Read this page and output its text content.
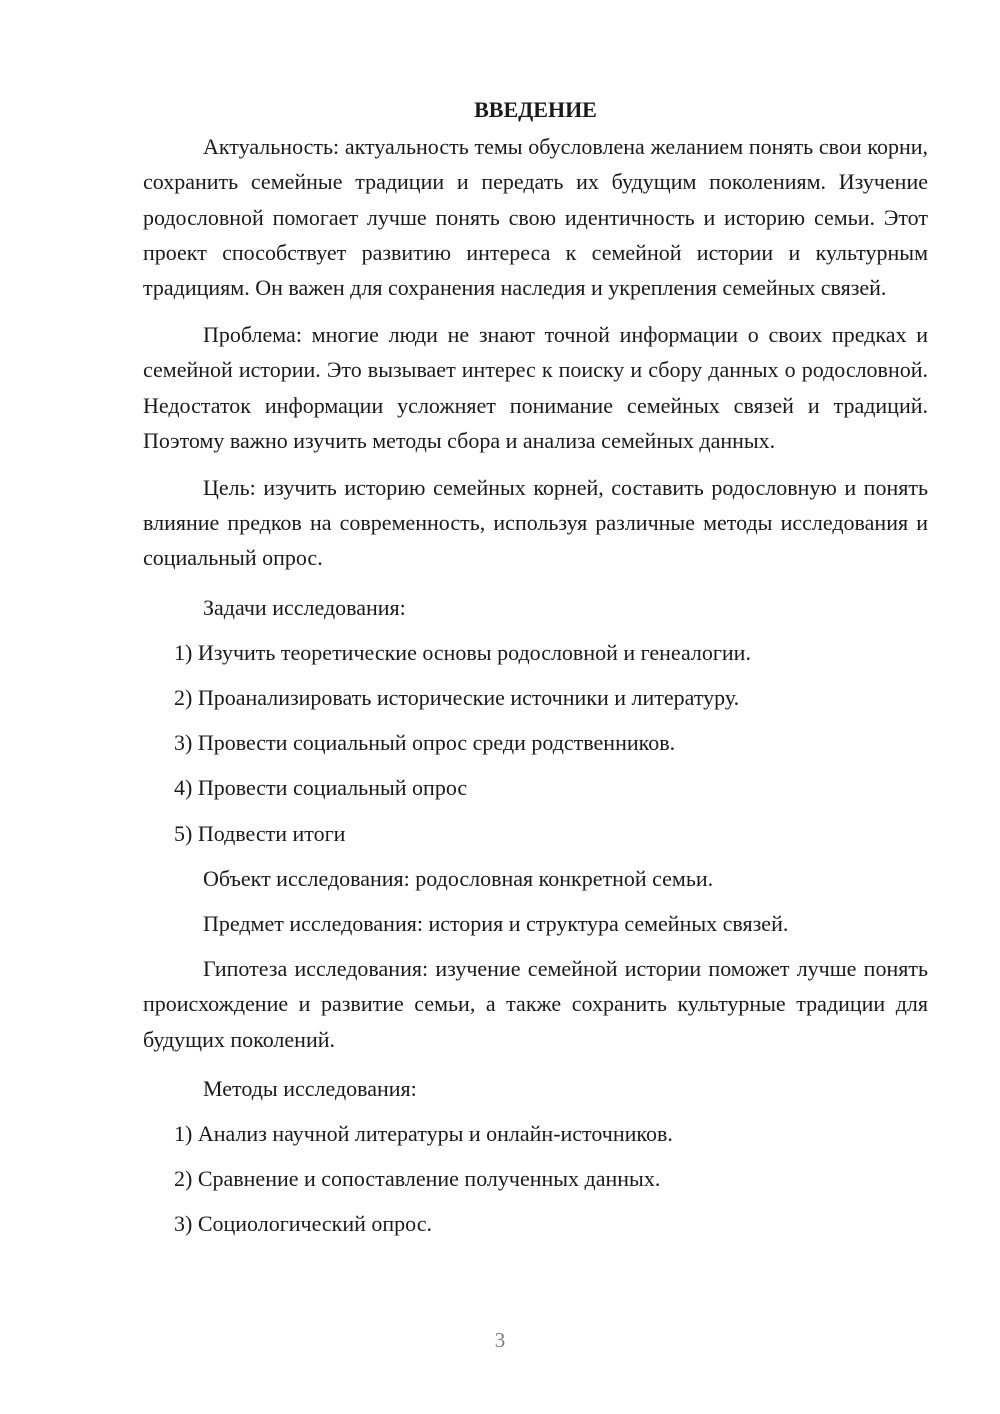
ВВЕДЕНИЕ

Актуальность: актуальность темы обусловлена желанием понять свои корни, сохранить семейные традиции и передать их будущим поколениям. Изучение родословной помогает лучше понять свою идентичность и историю семьи. Этот проект способствует развитию интереса к семейной истории и культурным традициям. Он важен для сохранения наследия и укрепления семейных связей.

Проблема: многие люди не знают точной информации о своих предках и семейной истории. Это вызывает интерес к поиску и сбору данных о родословной. Недостаток информации усложняет понимание семейных связей и традиций. Поэтому важно изучить методы сбора и анализа семейных данных.

Цель: изучить историю семейных корней, составить родословную и понять влияние предков на современность, используя различные методы исследования и социальный опрос.

Задачи исследования:
1) Изучить теоретические основы родословной и генеалогии.
2) Проанализировать исторические источники и литературу.
3) Провести социальный опрос среди родственников.
4) Провести социальный опрос
5) Подвести итоги
Объект исследования: родословная конкретной семьи.
Предмет исследования: история и структура семейных связей.

Гипотеза исследования: изучение семейной истории поможет лучше понять происхождение и развитие семьи, а также сохранить культурные традиции для будущих поколений.

Методы исследования:
1) Анализ научной литературы и онлайн-источников.
2) Сравнение и сопоставление полученных данных.
3) Социологический опрос.
3
